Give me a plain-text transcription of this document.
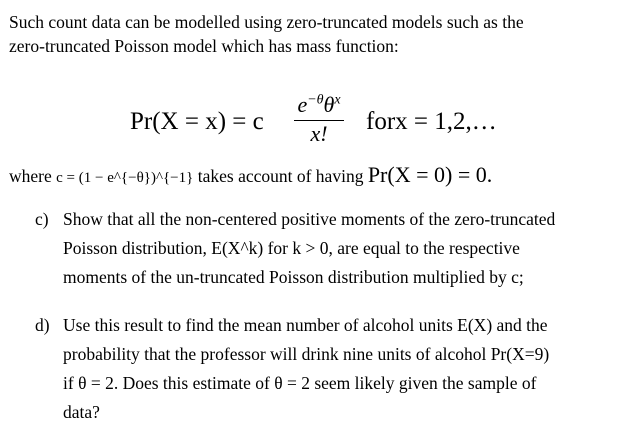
Such count data can be modelled using zero-truncated models such as the
zero-truncated Poisson model which has mass function:
Pr(X = x) = c
$e^{-\theta}\theta^x$
x!	forx = 1,2,…
where c = (1 − e^{−θ})^{−1} takes account of having Pr(X = 0) = 0.
c) Show that all the non-centered positive moments of the zero-truncated
Poisson distribution, E(X^k) for k > 0, are equal to the respective
moments of the un-truncated Poisson distribution multiplied by c;
d) Use this result to find the mean number of alcohol units E(X) and the
probability that the professor will drink nine units of alcohol Pr(X=9)
if θ = 2. Does this estimate of θ = 2 seem likely given the sample of
data?
